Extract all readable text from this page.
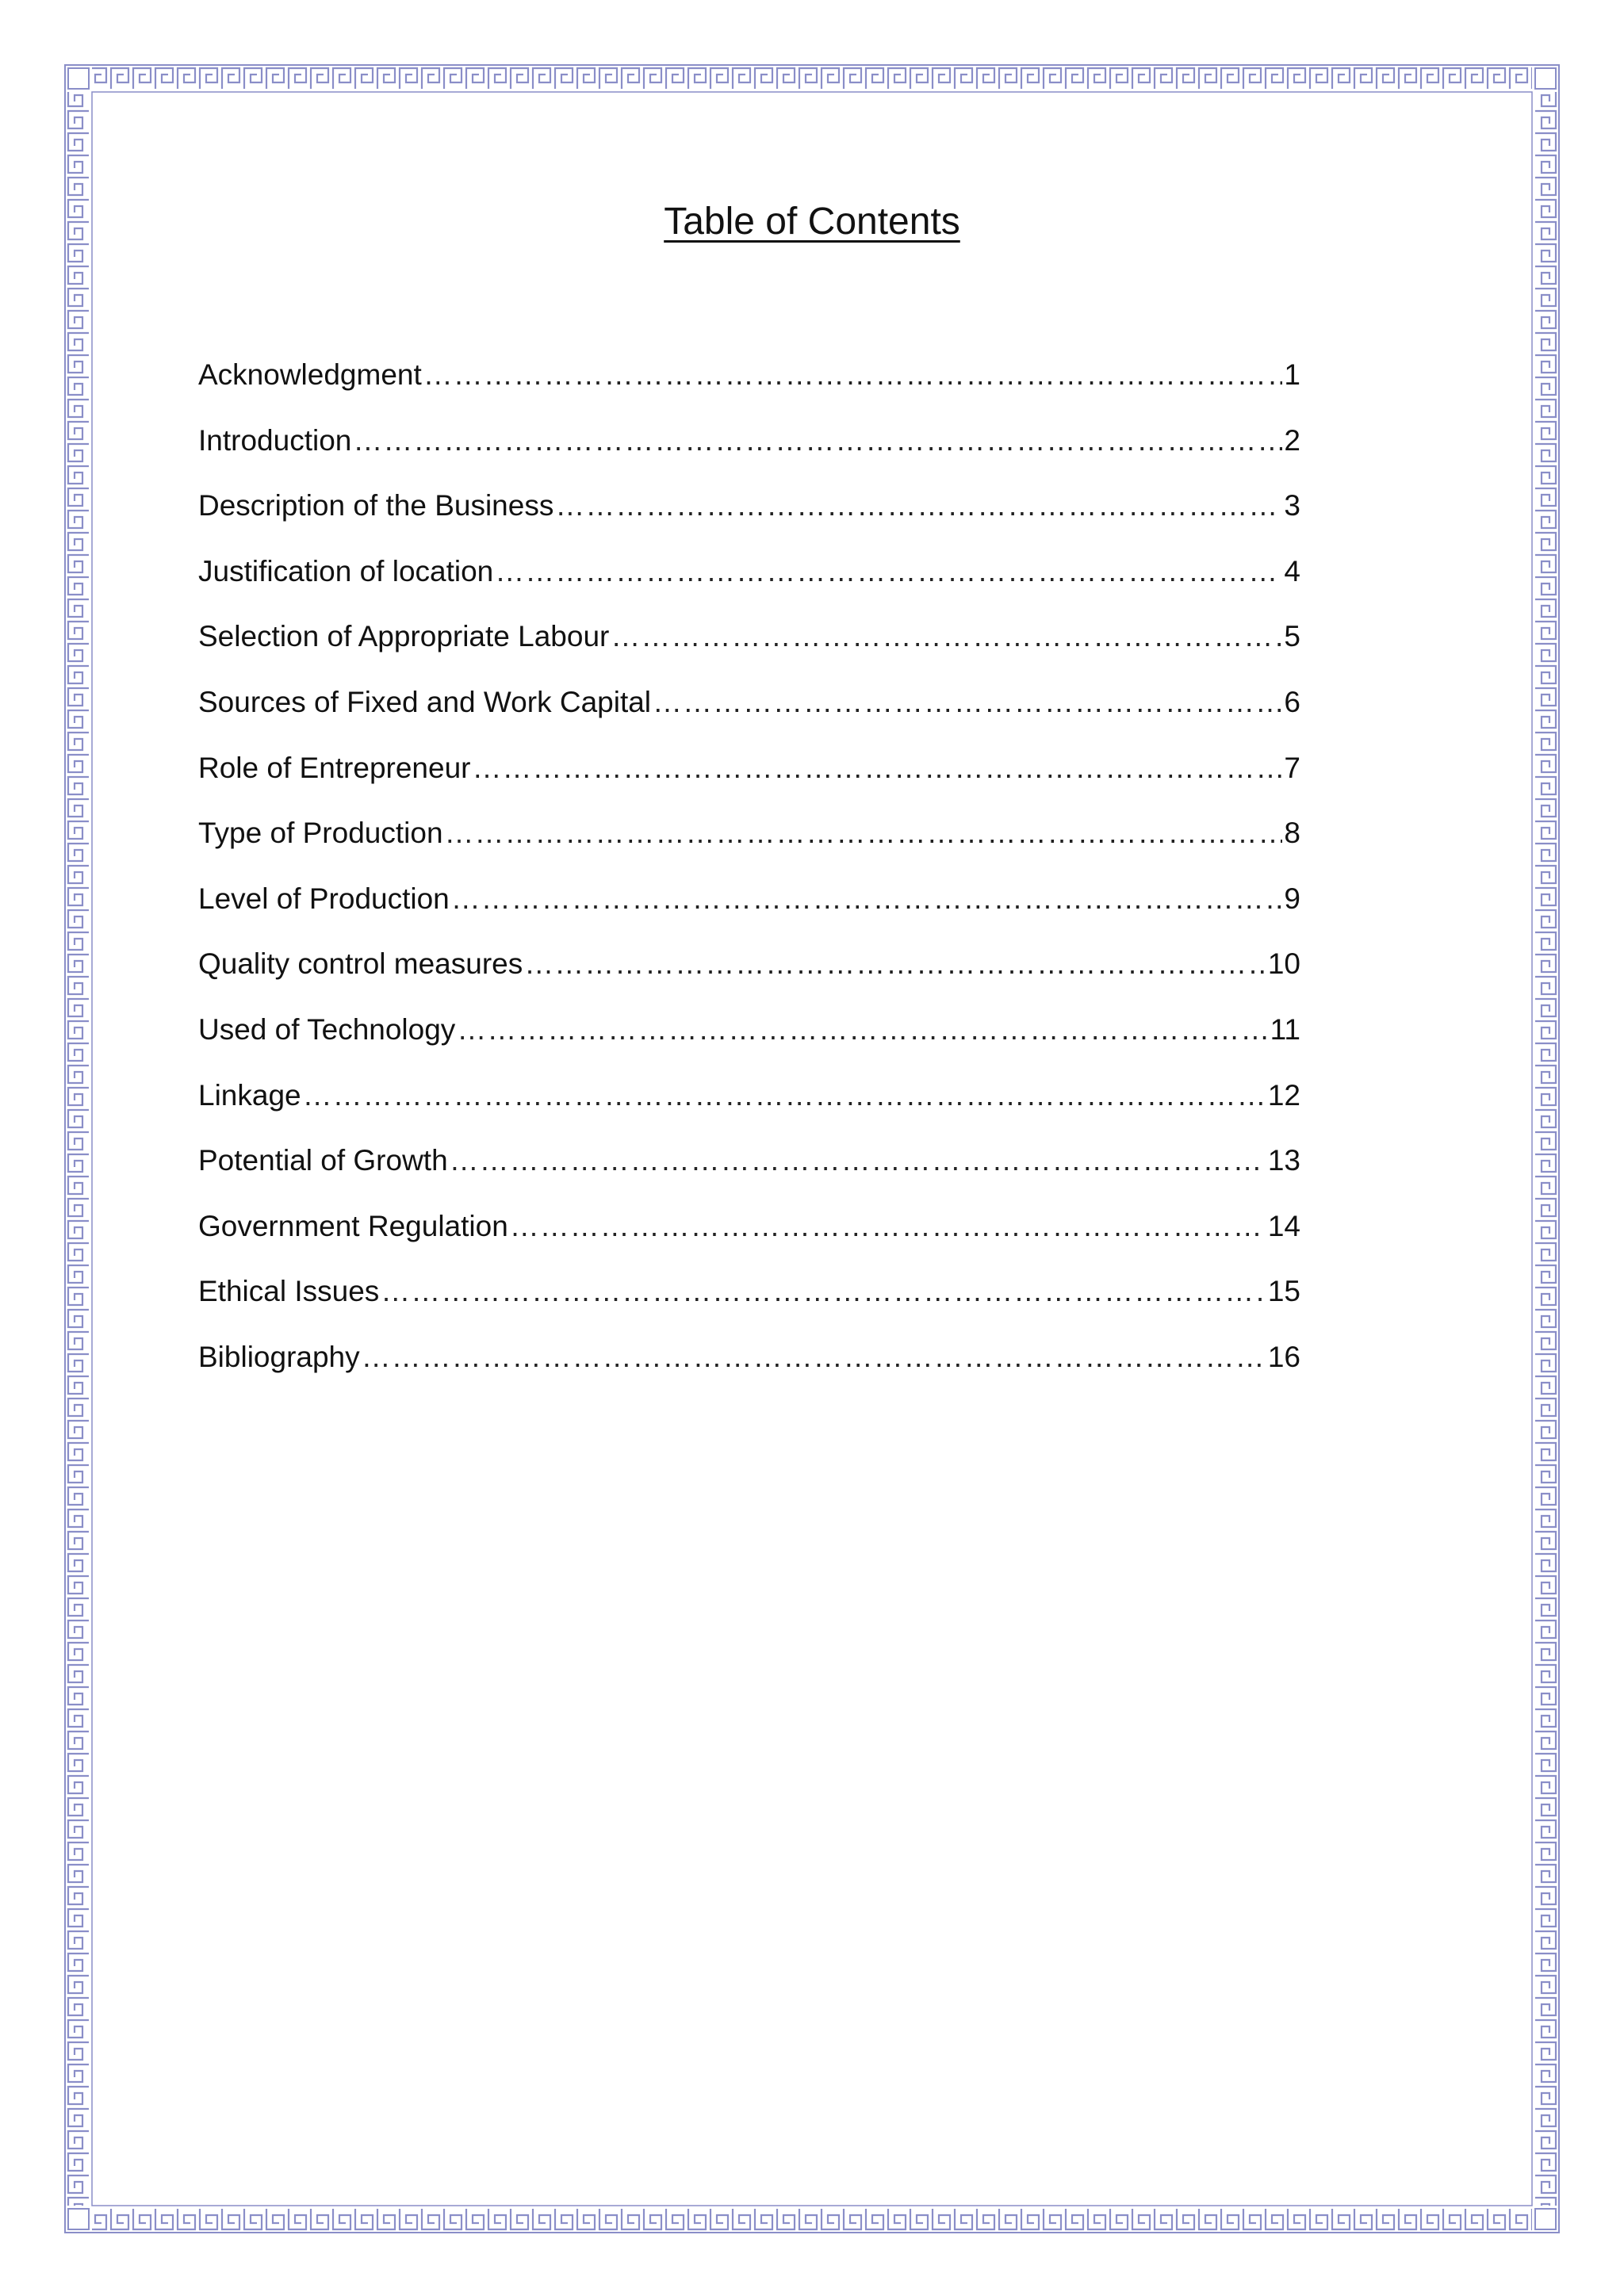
Table of Contents
Acknowledgment …………………………………………………………………………………………………………………………………………………………………………………………………………………………………………	1
Introduction …………………………………………………………………………………………………………………………………………………………………………………………………………………………………………	2
Description of the Business …………………………………………………………………………………………………………………………………………………………………………………………………………………………………………	3
Justification of location …………………………………………………………………………………………………………………………………………………………………………………………………………………………………………	4
Selection of Appropriate Labour …………………………………………………………………………………………………………………………………………………………………………………………………………………………………………	5
Sources of Fixed and Work Capital …………………………………………………………………………………………………………………………………………………………………………………………………………………………………………	6
Role of Entrepreneur …………………………………………………………………………………………………………………………………………………………………………………………………………………………………………	7
Type of Production …………………………………………………………………………………………………………………………………………………………………………………………………………………………………………	8
Level of Production …………………………………………………………………………………………………………………………………………………………………………………………………………………………………………	9
Quality control measures …………………………………………………………………………………………………………………………………………………………………………………………………………………………………………	10
Used of Technology …………………………………………………………………………………………………………………………………………………………………………………………………………………………………………	11
Linkage …………………………………………………………………………………………………………………………………………………………………………………………………………………………………………	12
Potential of Growth …………………………………………………………………………………………………………………………………………………………………………………………………………………………………………	13
Government Regulation …………………………………………………………………………………………………………………………………………………………………………………………………………………………………………	14
Ethical Issues …………………………………………………………………………………………………………………………………………………………………………………………………………………………………………	15
Bibliography …………………………………………………………………………………………………………………………………………………………………………………………………………………………………………	16
